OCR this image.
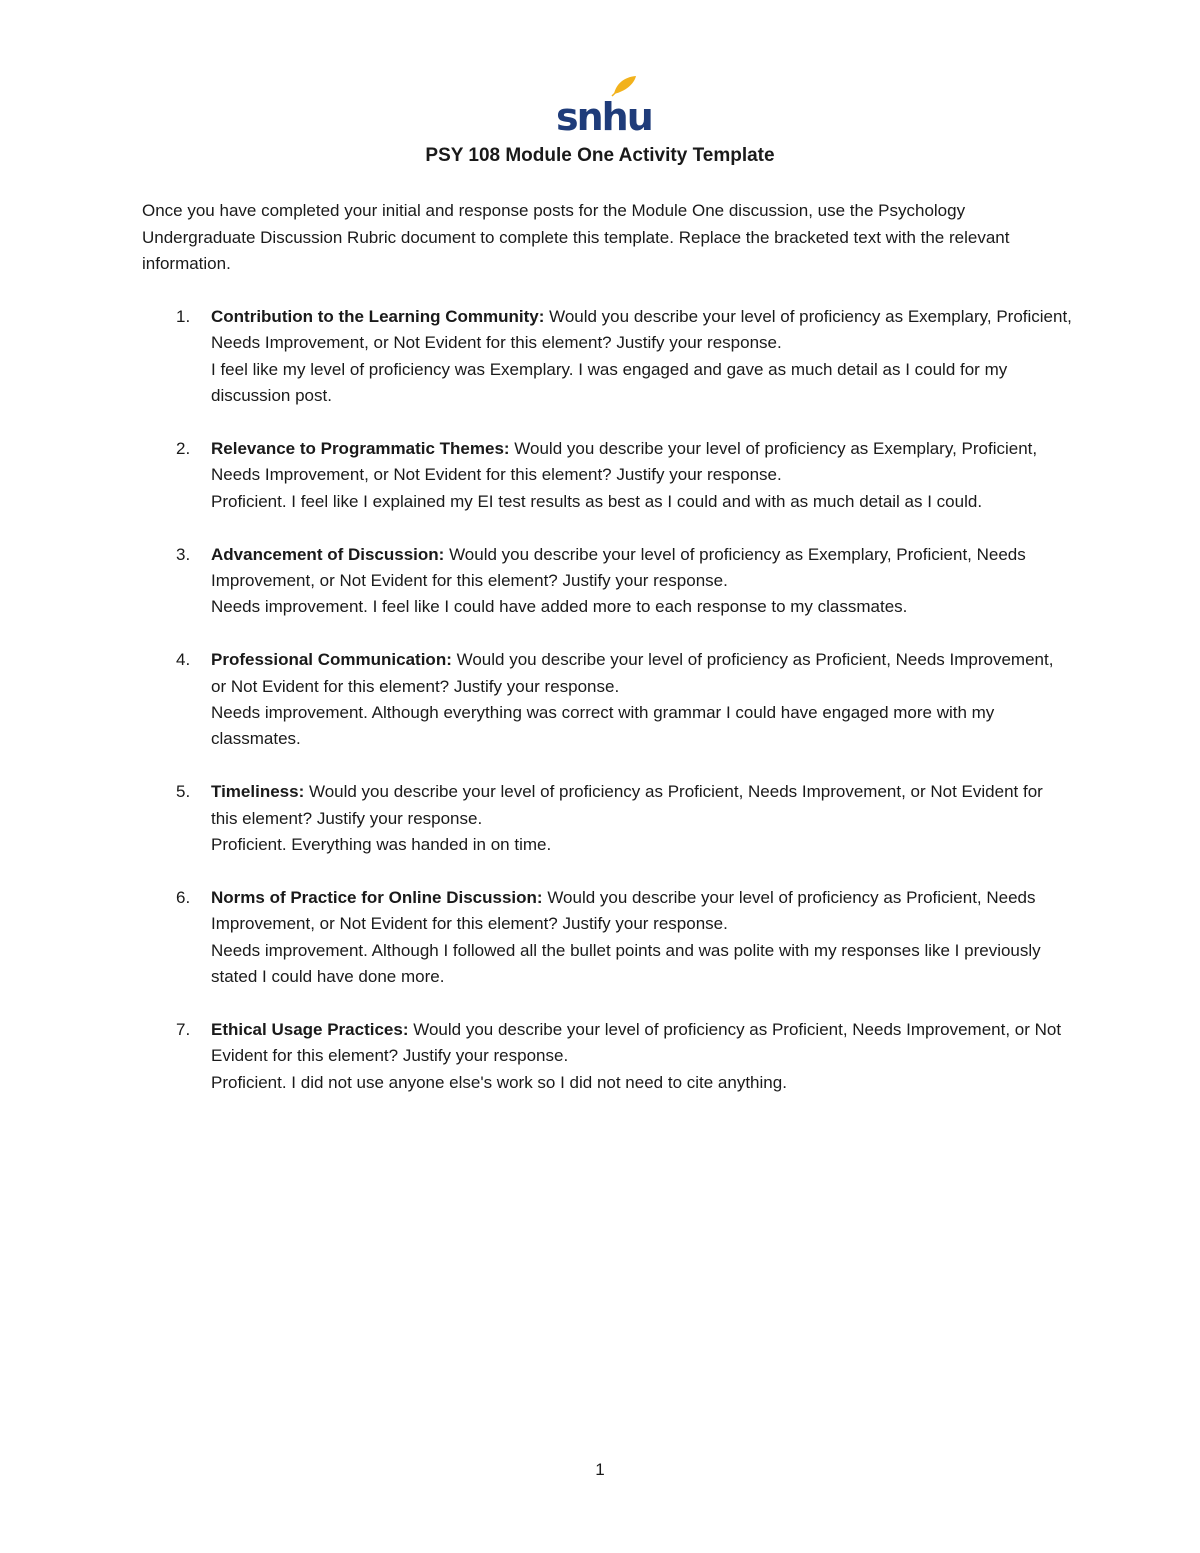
snhu
PSY 108 Module One Activity Template

Once you have completed your initial and response posts for the Module One discussion, use the Psychology Undergraduate Discussion Rubric document to complete this template. Replace the bracketed text with the relevant information.

1.	Contribution to the Learning Community: Would you describe your level of proficiency as Exemplary, Proficient, Needs Improvement, or Not Evident for this element? Justify your response.
I feel like my level of proficiency was Exemplary. I was engaged and gave as much detail as I could for my discussion post.
2.	Relevance to Programmatic Themes: Would you describe your level of proficiency as Exemplary, Proficient, Needs Improvement, or Not Evident for this element? Justify your response.
Proficient. I feel like I explained my EI test results as best as I could and with as much detail as I could.
3.	Advancement of Discussion: Would you describe your level of proficiency as Exemplary, Proficient, Needs Improvement, or Not Evident for this element? Justify your response.
Needs improvement. I feel like I could have added more to each response to my classmates.
4.	Professional Communication: Would you describe your level of proficiency as Proficient, Needs Improvement, or Not Evident for this element? Justify your response.
Needs improvement. Although everything was correct with grammar I could have engaged more with my classmates.
5.	Timeliness: Would you describe your level of proficiency as Proficient, Needs Improvement, or Not Evident for this element? Justify your response.
Proficient. Everything was handed in on time.
6.	Norms of Practice for Online Discussion: Would you describe your level of proficiency as Proficient, Needs Improvement, or Not Evident for this element? Justify your response.
Needs improvement. Although I followed all the bullet points and was polite with my responses like I previously stated I could have done more.
7.	Ethical Usage Practices: Would you describe your level of proficiency as Proficient, Needs Improvement, or Not Evident for this element? Justify your response.
Proficient. I did not use anyone else's work so I did not need to cite anything.
1
